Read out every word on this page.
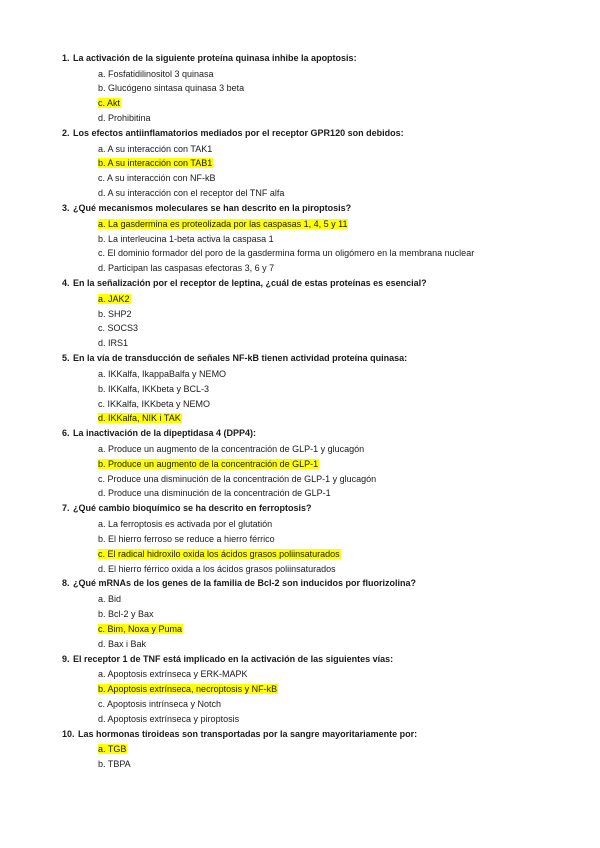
1. La activación de la siguiente proteína quinasa inhibe la apoptosis:
a. Fosfatidilinositol 3 quinasa
b. Glucógeno sintasa quinasa 3 beta
c. Akt
d. Prohibitina
2. Los efectos antiinflamatorios mediados por el receptor GPR120 son debidos:
a. A su interacción con TAK1
b. A su interacción con TAB1
c. A su interacción con NF-kB
d. A su interacción con el receptor del TNF alfa
3. ¿Qué mecanismos moleculares se han descrito en la piroptosis?
a. La gasdermina es proteolizada por las caspasas 1, 4, 5 y 11
b. La interleucina 1-beta activa la caspasa 1
c. El dominio formador del poro de la gasdermina forma un oligómero en la membrana nuclear
d. Participan las caspasas efectoras 3, 6 y 7
4. En la señalización por el receptor de leptina, ¿cuál de estas proteínas es esencial?
a. JAK2
b. SHP2
c. SOCS3
d. IRS1
5. En la vía de transducción de señales NF-kB tienen actividad proteína quinasa:
a. IKKalfa, IkappaBalfa y NEMO
b. IKKalfa, IKKbeta y BCL-3
c. IKKalfa, IKKbeta y NEMO
d. IKKalfa, NIK i TAK
6. La inactivación de la dipeptidasa 4 (DPP4):
a. Produce un augmento de la concentración de GLP-1 y glucagón
b. Produce un augmento de la concentración de GLP-1
c. Produce una disminución de la concentración de GLP-1 y glucagón
d. Produce una disminución de la concentración de GLP-1
7. ¿Qué cambio bioquímico se ha descrito en ferroptosis?
a. La ferroptosis es activada por el glutatión
b. El hierro ferroso se reduce a hierro férrico
c. El radical hidroxilo oxida los ácidos grasos poliinsaturados
d. El hierro férrico oxida a los ácidos grasos poliinsaturados
8. ¿Qué mRNAs de los genes de la familia de Bcl-2 son inducidos por fluorizolina?
a. Bid
b. Bcl-2 y Bax
c. Bim, Noxa y Puma
d. Bax i Bak
9. El receptor 1 de TNF está implicado en la activación de las siguientes vías:
a. Apoptosis extrínseca y ERK-MAPK
b. Apoptosis extrínseca, necroptosis y NF-kB
c. Apoptosis intrínseca y Notch
d. Apoptosis extrínseca y piroptosis
10. Las hormonas tiroideas son transportadas por la sangre mayoritariamente por:
a. TGB
b. TBPA
